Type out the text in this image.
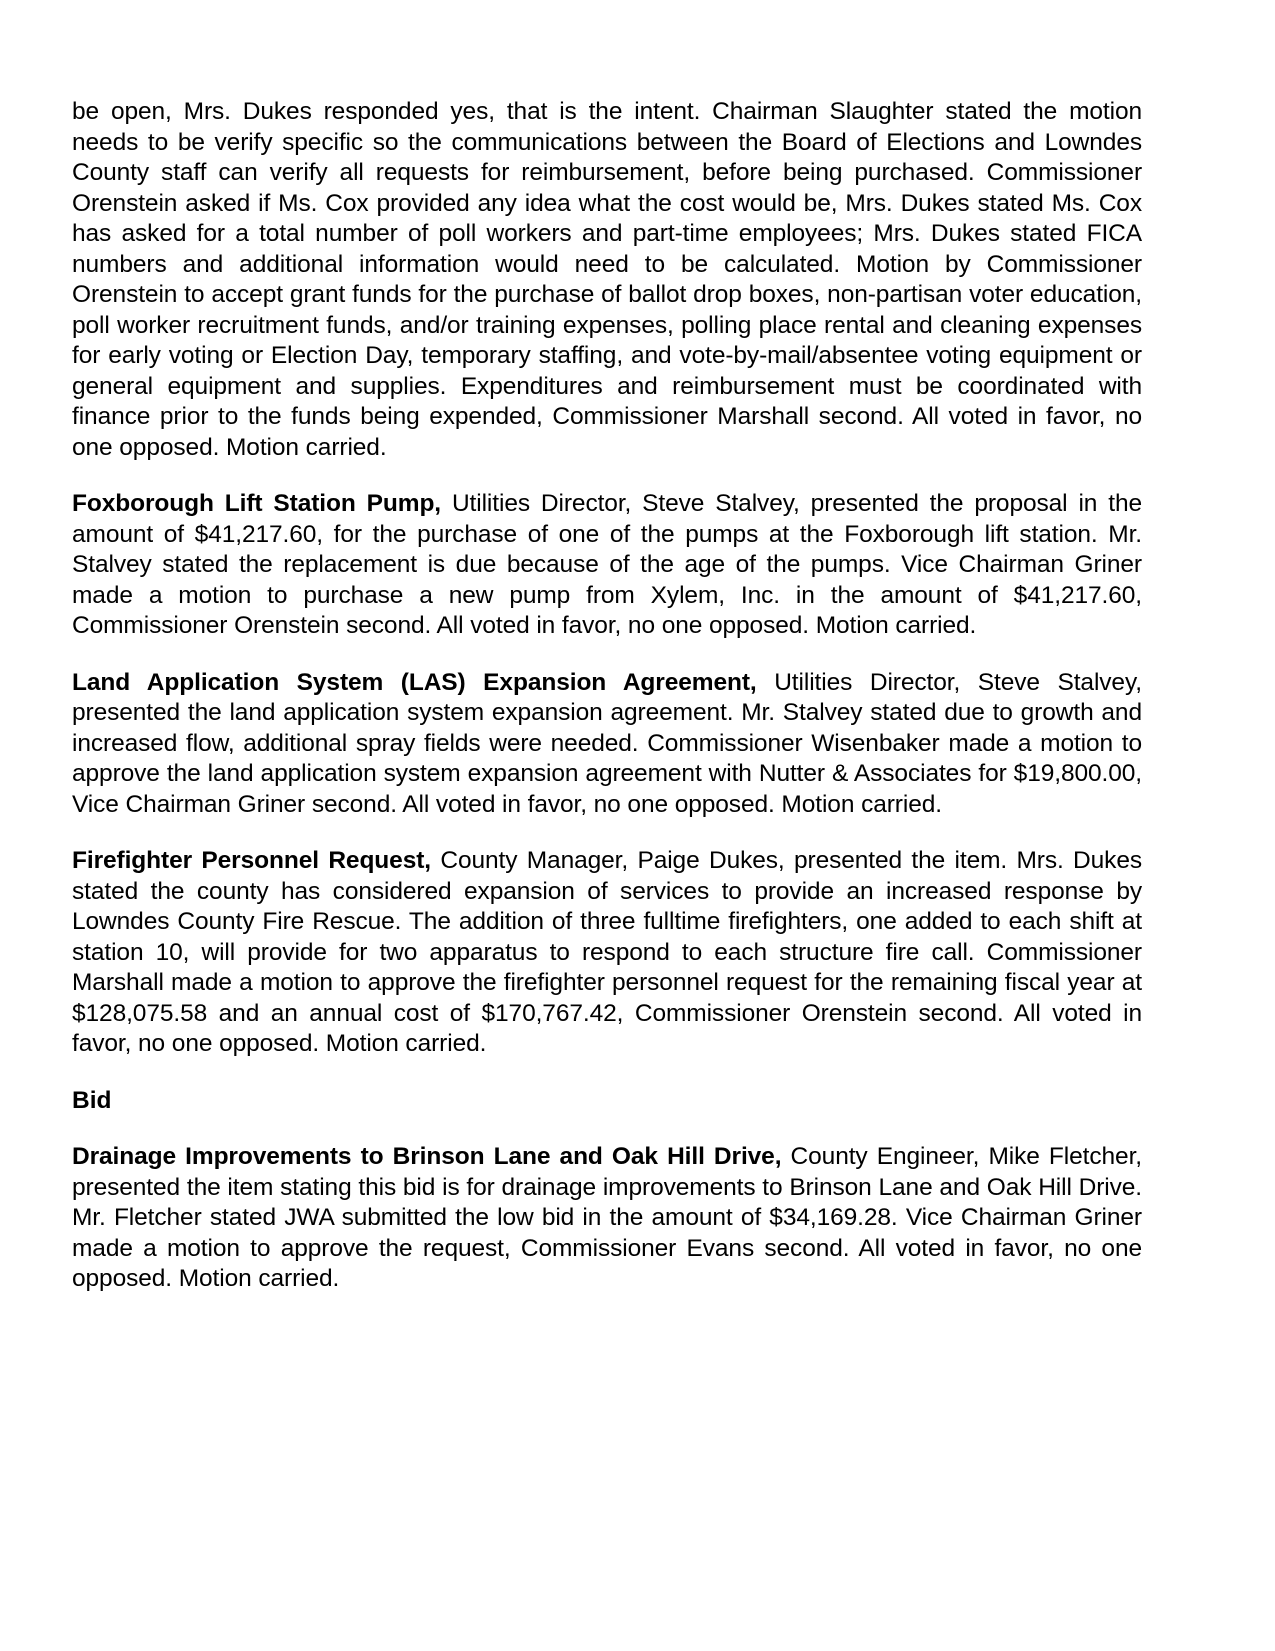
be open, Mrs. Dukes responded yes, that is the intent. Chairman Slaughter stated the motion needs to be verify specific so the communications between the Board of Elections and Lowndes County staff can verify all requests for reimbursement, before being purchased. Commissioner Orenstein asked if Ms. Cox provided any idea what the cost would be, Mrs. Dukes stated Ms. Cox has asked for a total number of poll workers and part-time employees; Mrs. Dukes stated FICA numbers and additional information would need to be calculated. Motion by Commissioner Orenstein to accept grant funds for the purchase of ballot drop boxes, non-partisan voter education, poll worker recruitment funds, and/or training expenses, polling place rental and cleaning expenses for early voting or Election Day, temporary staffing, and vote-by-mail/absentee voting equipment or general equipment and supplies. Expenditures and reimbursement must be coordinated with finance prior to the funds being expended, Commissioner Marshall second. All voted in favor, no one opposed. Motion carried.

Foxborough Lift Station Pump, Utilities Director, Steve Stalvey, presented the proposal in the amount of $41,217.60, for the purchase of one of the pumps at the Foxborough lift station. Mr. Stalvey stated the replacement is due because of the age of the pumps. Vice Chairman Griner made a motion to purchase a new pump from Xylem, Inc. in the amount of $41,217.60, Commissioner Orenstein second. All voted in favor, no one opposed. Motion carried.

Land Application System (LAS) Expansion Agreement, Utilities Director, Steve Stalvey, presented the land application system expansion agreement. Mr. Stalvey stated due to growth and increased flow, additional spray fields were needed. Commissioner Wisenbaker made a motion to approve the land application system expansion agreement with Nutter & Associates for $19,800.00, Vice Chairman Griner second. All voted in favor, no one opposed. Motion carried.

Firefighter Personnel Request, County Manager, Paige Dukes, presented the item. Mrs. Dukes stated the county has considered expansion of services to provide an increased response by Lowndes County Fire Rescue. The addition of three fulltime firefighters, one added to each shift at station 10, will provide for two apparatus to respond to each structure fire call. Commissioner Marshall made a motion to approve the firefighter personnel request for the remaining fiscal year at $128,075.58 and an annual cost of $170,767.42, Commissioner Orenstein second. All voted in favor, no one opposed. Motion carried.

Bid

Drainage Improvements to Brinson Lane and Oak Hill Drive, County Engineer, Mike Fletcher, presented the item stating this bid is for drainage improvements to Brinson Lane and Oak Hill Drive. Mr. Fletcher stated JWA submitted the low bid in the amount of $34,169.28. Vice Chairman Griner made a motion to approve the request, Commissioner Evans second. All voted in favor, no one opposed. Motion carried.
